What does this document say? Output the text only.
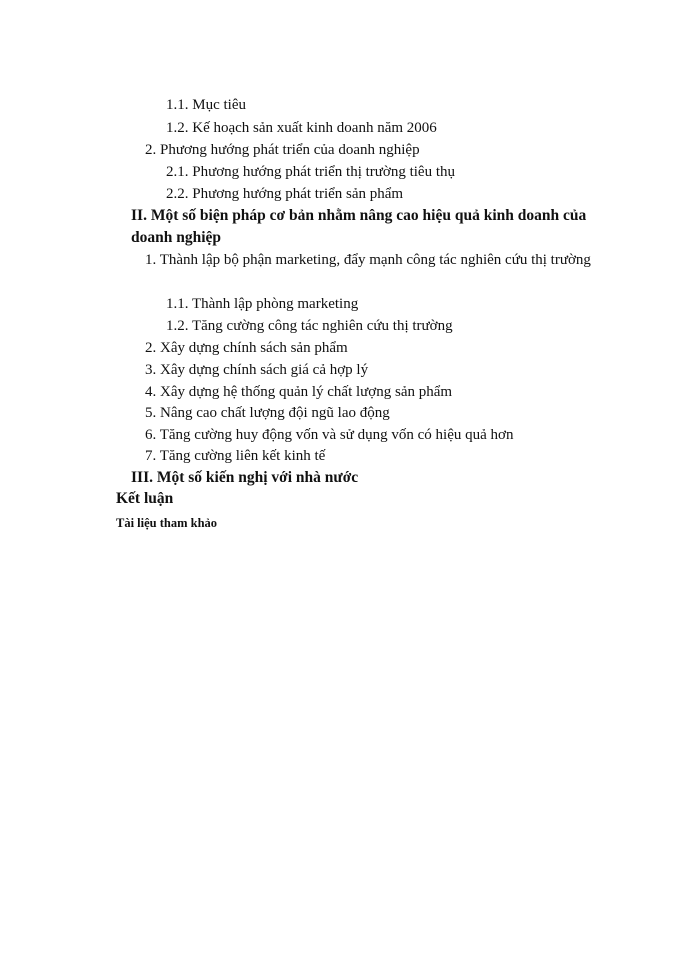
1.1. Mục tiêu
1.2. Kế hoạch sản xuất kinh doanh năm 2006
2. Phương hướng phát triển của doanh nghiệp
2.1. Phương hướng phát triển thị trường tiêu thụ
2.2. Phương hướng phát triển sản phẩm
II. Một số biện pháp cơ bản nhằm nâng cao hiệu quả kinh doanh của
doanh nghiệp
1. Thành lập bộ phận marketing, đẩy mạnh công tác nghiên cứu thị trường
1.1. Thành lập phòng marketing
1.2. Tăng cường công tác nghiên cứu thị trường
2. Xây dựng chính sách sản phẩm
3. Xây dựng chính sách giá cả hợp lý
4. Xây dựng hệ thống quản lý chất lượng sản phẩm
5. Nâng cao chất lượng đội ngũ lao động
6. Tăng cường huy động vốn và sử dụng vốn có hiệu quả hơn
7. Tăng cường liên kết kinh tế
III. Một số kiến nghị với nhà nước
Kết luận
Tài liệu tham khảo
